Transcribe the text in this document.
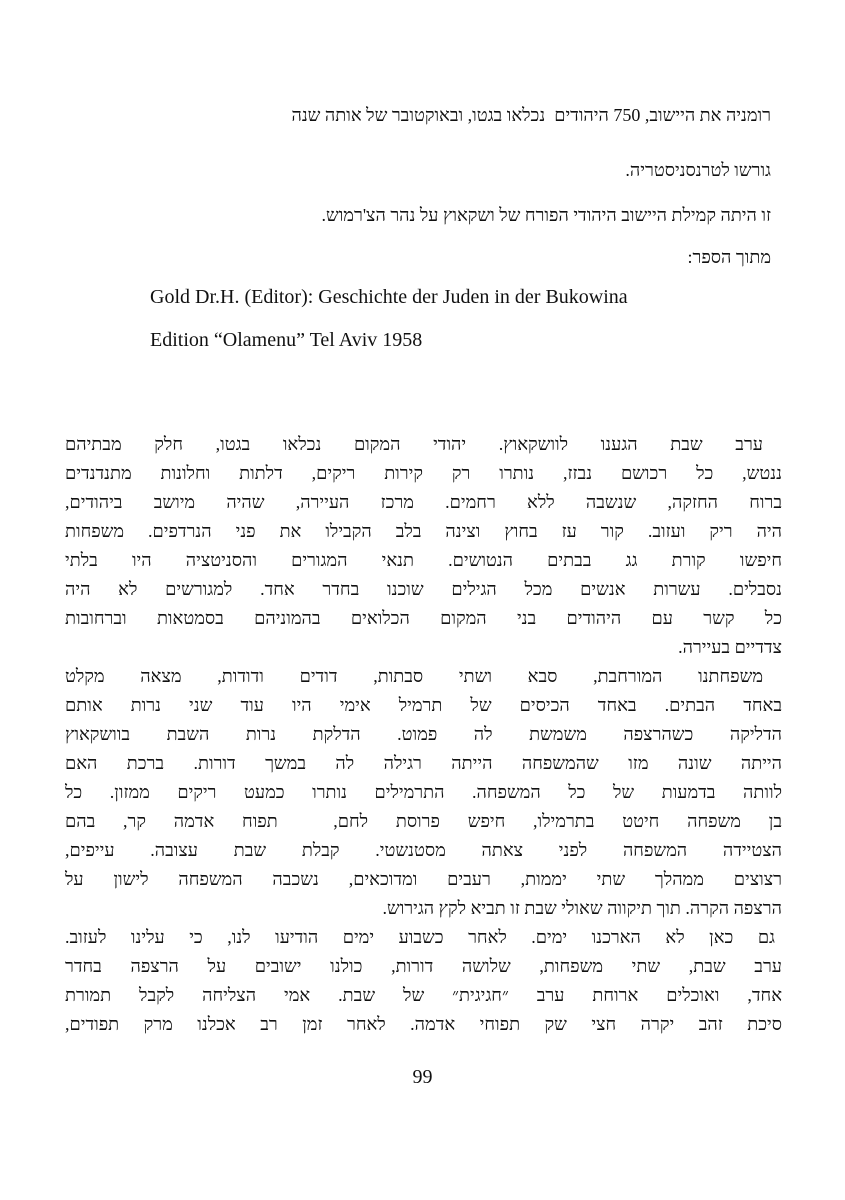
רומניה את היישוב, 750 היהודים  נכלאו בגטו, ובאוקטובר של אותה שנה
גורשו לטרנסניסטריה.
זו היתה קמילת היישוב היהודי הפורח של ושקאוץ על נהר הצ'רמוש.
מתוך הספר:
Gold Dr.H. (Editor): Geschichte der Juden in der Bukowina
Edition “Olamenu” Tel Aviv 1958
ערב שבת הגענו לוושקאוץ. יהודי המקום נכלאו בגטו, חלק מבתיהם
ננטש, כל רכושם נבזז, נותרו רק קירות ריקים, דלתות וחלונות מתנדנדים
ברוח החזקה, שנשבה ללא רחמים. מרכז העיירה, שהיה מיושב ביהודים,
היה ריק ועזוב. קור עז בחוץ וצינה בלב הקבילו את פני הנרדפים. משפחות
חיפשו קורת גג בבתים הנטושים. תנאי המגורים והסניטציה היו בלתי
נסבלים. עשרות אנשים מכל הגילים שוכנו בחדר אחד. למגורשים לא היה
כל קשר עם היהודים בני המקום הכלואים בהמוניהם בסמטאות וברחובות
צדדיים בעיירה.
משפחתנו המורחבת, סבא ושתי סבתות, דודים ודודות, מצאה מקלט
באחד הבתים. באחד הכיסים של תרמיל אימי היו עוד שני נרות אותם
הדליקה כשהרצפה משמשת לה פמוט. הדלקת נרות השבת בוושקאוץ
הייתה שונה מזו שהמשפחה הייתה רגילה לה במשך דורות. ברכת האם
לוותה בדמעות של כל המשפחה. התרמילים נותרו כמעט ריקים ממזון. כל
בן משפחה חיטט בתרמילו, חיפש פרוסת לחם,  תפוח אדמה קר, בהם
הצטיידה המשפחה לפני צאתה מסטנשטי. קבלת שבת עצובה. עייפים,
רצוצים ממהלך שתי יממות, רעבים ומדוכאים, נשכבה המשפחה לישון על
הרצפה הקרה. תוך תיקווה שאולי שבת זו תביא לקץ הגירוש.
גם כאן לא הארכנו ימים. לאחר כשבוע ימים הודיעו לנו, כי עלינו לעזוב.
ערב שבת, שתי משפחות, שלושה דורות, כולנו ישובים על הרצפה בחדר
אחד, ואוכלים ארוחת ערב ״חגיגית״ של שבת. אמי הצליחה לקבל תמורת
סיכת זהב יקרה חצי שק תפוחי אדמה. לאחר זמן רב אכלנו מרק תפודים,
99
